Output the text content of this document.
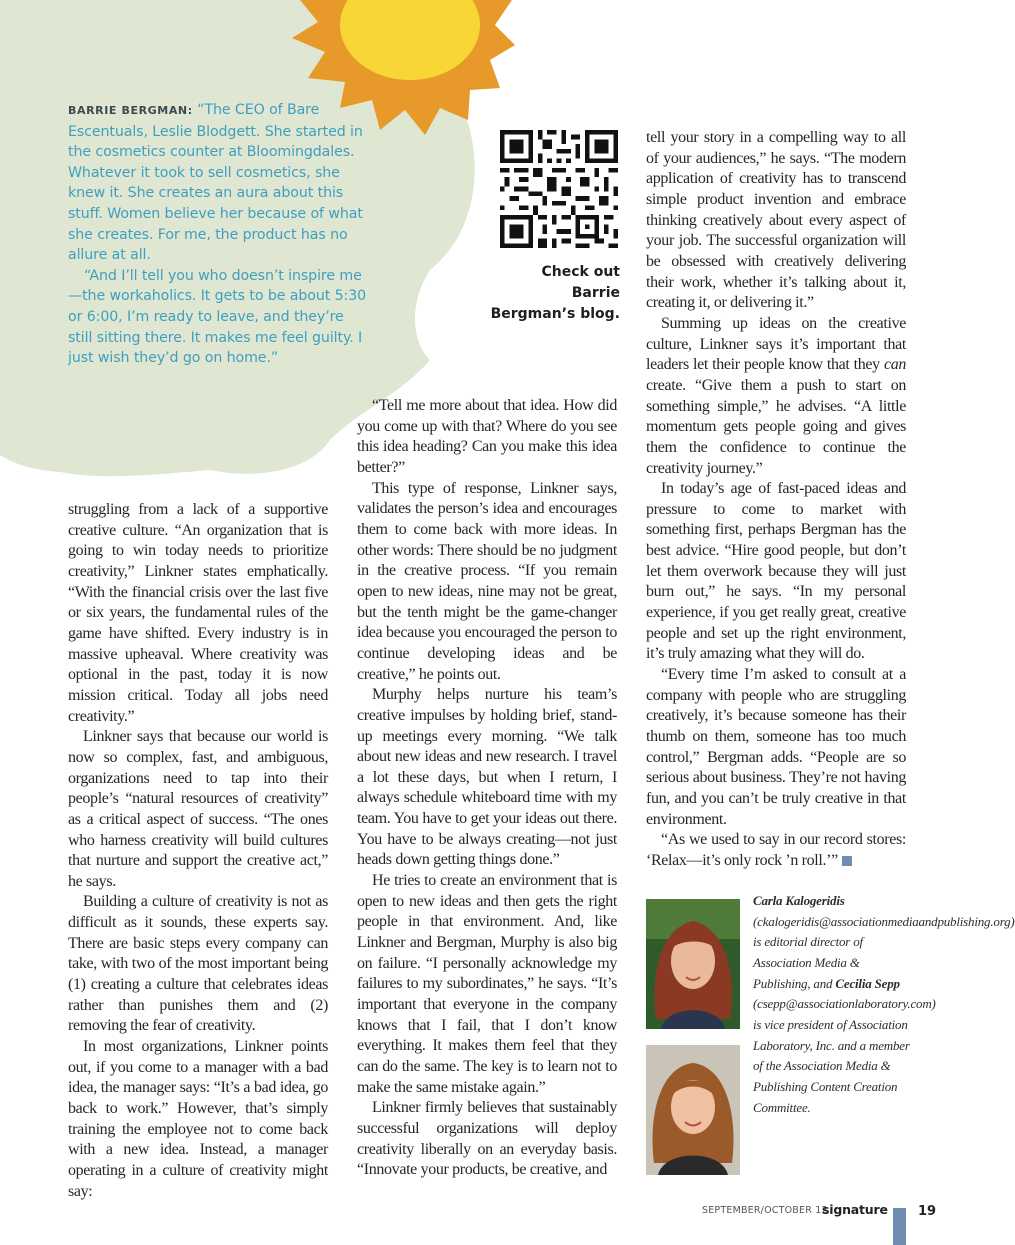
BARRIE BERGMAN: “The CEO of Bare Escentuals, Leslie Blodgett. She started in the cosmetics counter at Bloomingdales. Whatever it took to sell cosmetics, she knew it. She creates an aura about this stuff. Women believe her because of what she creates. For me, the product has no allure at all.

“And I’ll tell you who doesn’t inspire me—the workaholics. It gets to be about 5:30 or 6:00, I’m ready to leave, and they’re still sitting there. It makes me feel guilty. I just wish they’d go on home.”

Check out Barrie
Bergman’s blog.

struggling from a lack of a supportive creative culture. “An organization that is going to win today needs to prioritize creativity,” Linkner states emphatically. “With the financial crisis over the last five or six years, the fundamental rules of the game have shifted. Every industry is in massive upheaval. Where creativity was optional in the past, today it is now mission critical. Today all jobs need creativity.”

Linkner says that because our world is now so complex, fast, and ambiguous, organizations need to tap into their people’s “natural resources of creativity” as a critical aspect of success. “The ones who harness creativity will build cultures that nurture and support the creative act,” he says.

Building a culture of creativity is not as difficult as it sounds, these experts say. There are basic steps every company can take, with two of the most important being (1) creating a culture that celebrates ideas rather than punishes them and (2) removing the fear of creativity.

In most organizations, Linkner points out, if you come to a manager with a bad idea, the manager says: “It’s a bad idea, go back to work.” However, that’s simply training the employee not to come back with a new idea. Instead, a manager operating in a culture of creativity might say:

“Tell me more about that idea. How did you come up with that? Where do you see this idea heading? Can you make this idea better?”

This type of response, Linkner says, validates the person’s idea and encourages them to come back with more ideas. In other words: There should be no judgment in the creative process. “If you remain open to new ideas, nine may not be great, but the tenth might be the game-changer idea because you encouraged the person to continue developing ideas and be creative,” he points out.

Murphy helps nurture his team’s creative impulses by holding brief, stand-up meetings every morning. “We talk about new ideas and new research. I travel a lot these days, but when I return, I always schedule whiteboard time with my team. You have to get your ideas out there. You have to be always creating—not just heads down getting things done.”

He tries to create an environment that is open to new ideas and then gets the right people in that environment. And, like Linkner and Bergman, Murphy is also big on failure. “I personally acknowledge my failures to my subordinates,” he says. “It’s important that everyone in the company knows that I fail, that I don’t know everything. It makes them feel that they can do the same. The key is to learn not to make the same mistake again.”

Linkner firmly believes that sustainably successful organizations will deploy creativity liberally on an everyday basis. “Innovate your products, be creative, and

tell your story in a compelling way to all of your audiences,” he says. “The modern application of creativity has to transcend simple product invention and embrace thinking creatively about every aspect of your job. The successful organization will be obsessed with creatively delivering their work, whether it’s talking about it, creating it, or delivering it.”

Summing up ideas on the creative culture, Linkner says it’s important that leaders let their people know that they can create. “Give them a push to start on something simple,” he advises. “A little momentum gets people going and gives them the confidence to continue the creativity journey.”

In today’s age of fast-paced ideas and pressure to come to market with something first, perhaps Bergman has the best advice. “Hire good people, but don’t let them overwork because they will just burn out,” he says. “In my personal experience, if you get really great, creative people and set up the right environment, it’s truly amazing what they will do.

“Every time I’m asked to consult at a company with people who are struggling creatively, it’s because someone has their thumb on them, someone has too much control,” Bergman adds. “People are so serious about business. They’re not having fun, and you can’t be truly creative in that environment.

“As we used to say in our record stores: ‘Relax—it’s only rock ’n roll.’”

Carla Kalogeridis (ckalogeridis@associationmediaandpublishing.org) is editorial director of Association Media & Publishing, and Cecilia Sepp (csepp@associationlaboratory.com) is vice president of Association Laboratory, Inc. and a member of the Association Media & Publishing Content Creation Committee.
SEPTEMBER/OCTOBER 12
signature 19
